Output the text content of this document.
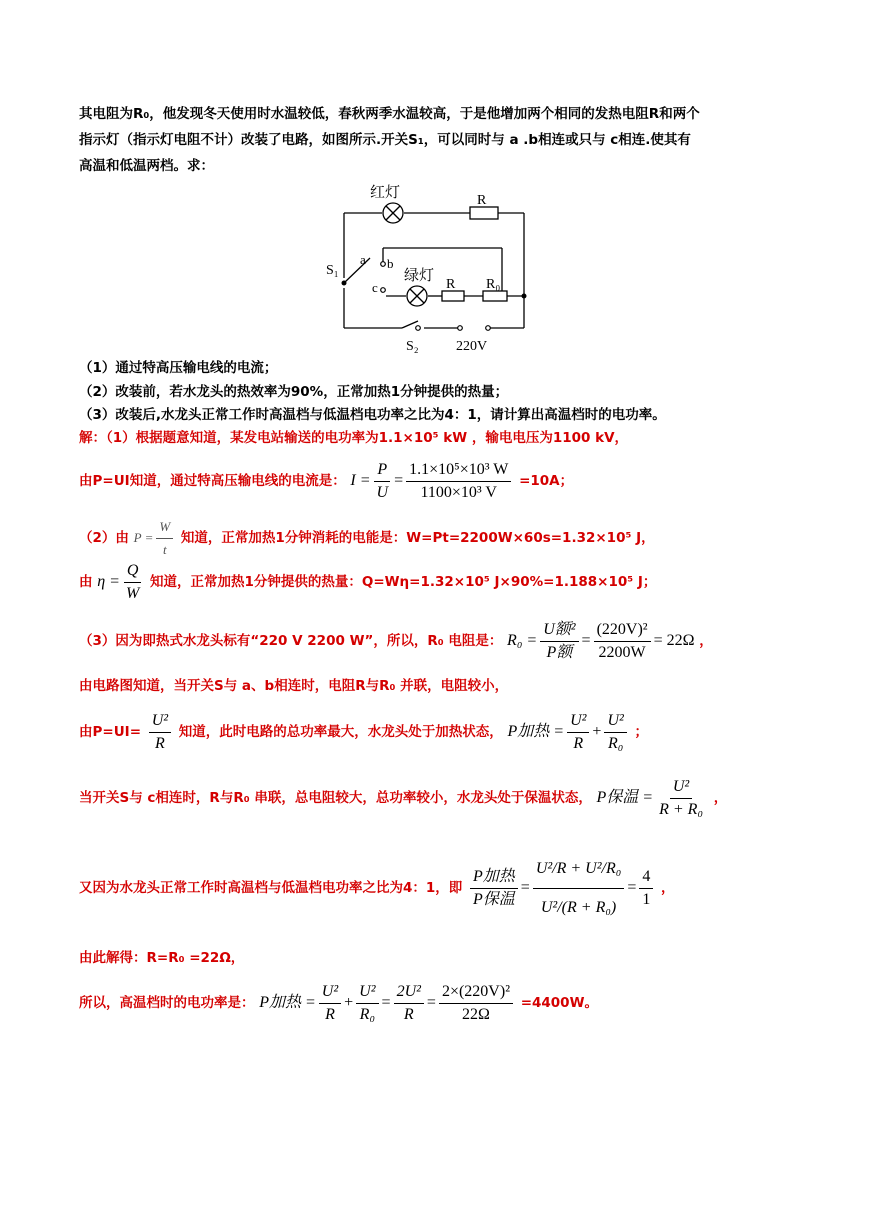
其电阻为R₀，他发现冬天使用时水温较低，春秋两季水温较高，于是他增加两个相同的发热电阻R和两个
指示灯（指示灯电阻不计）改装了电路，如图所示.开关S₁，可以同时与 a .b相连或只与 c相连.使其有
高温和低温两档。求：
红灯	R
S₁
a b
c
绿灯
R R₀
S₂	220V
（1）通过特高压输电线的电流；
（2）改装前，若水龙头的热效率为90%，正常加热1分钟提供的热量；
（3）改装后,水龙头正常工作时高温档与低温档电功率之比为4：1，请计算出高温档时的电功率。
解：（1）根据题意知道，某发电站输送的电功率为1.1×10⁵ kW ，输电电压为1100 kV，
由P=UI知道，通过特高压输电线的电流是： $I = \frac{P}{U} = \frac{\text{1.1×10⁵×10³ W}}{\text{1100×10³ V}} =10A$；
（2）由 $P = \frac{W}{t}$ 知道，正常加热1分钟消耗的电能是：W=Pt=2200W×60s=1.32×10⁵ J，
由 $\eta = \frac{Q}{W}$ 知道，正常加热1分钟提供的热量：Q=Wη=1.32×10⁵ J×90%=1.188×10⁵ J；
（3）因为即热式水龙头标有“220 V 2200 W”，所以，R₀ 电阻是： $R_0 = \frac{\text{U额²}}{\text{P额}} = \frac{\text{(220V)²}}{2200W} = 22\Omega$ ，
由电路图知道，当开关S与 a、b相连时，电阻R与R₀ 并联，电阻较小，
由$P=UI= \frac{\text{U²}}{R}$ 知道，此时电路的总功率最大，水龙头处于加热状态， P加热 = $\frac{\text{U²}}{R} + \frac{\text{U²}}{\text{R₀}}$ ；
当开关S与 c相连时，R与R₀ 串联，总电阻较大，总功率较小，水龙头处于保温状态， P保温 = $\frac{\text{U²}}{\text{R + R₀}}$ ，
又因为水龙头正常工作时高温档与低温档电功率之比为4：1，即 $\frac{\text{P加热}}{\text{P保温}} = \frac{\text{U²/R + U²/R₀}}{\text{U²/(R + R₀)}} = \frac{4}{1}$ ，
由此解得：R=R₀ =22Ω，
所以，高温档时的电功率是： P加热 = $\frac{\text{U²}}{R} + \frac{\text{U²}}{\text{R₀}} = \frac{\text{2U²}}{R} = \frac{\text{2×(220V)²}}{22\Omega} =4400W$。
